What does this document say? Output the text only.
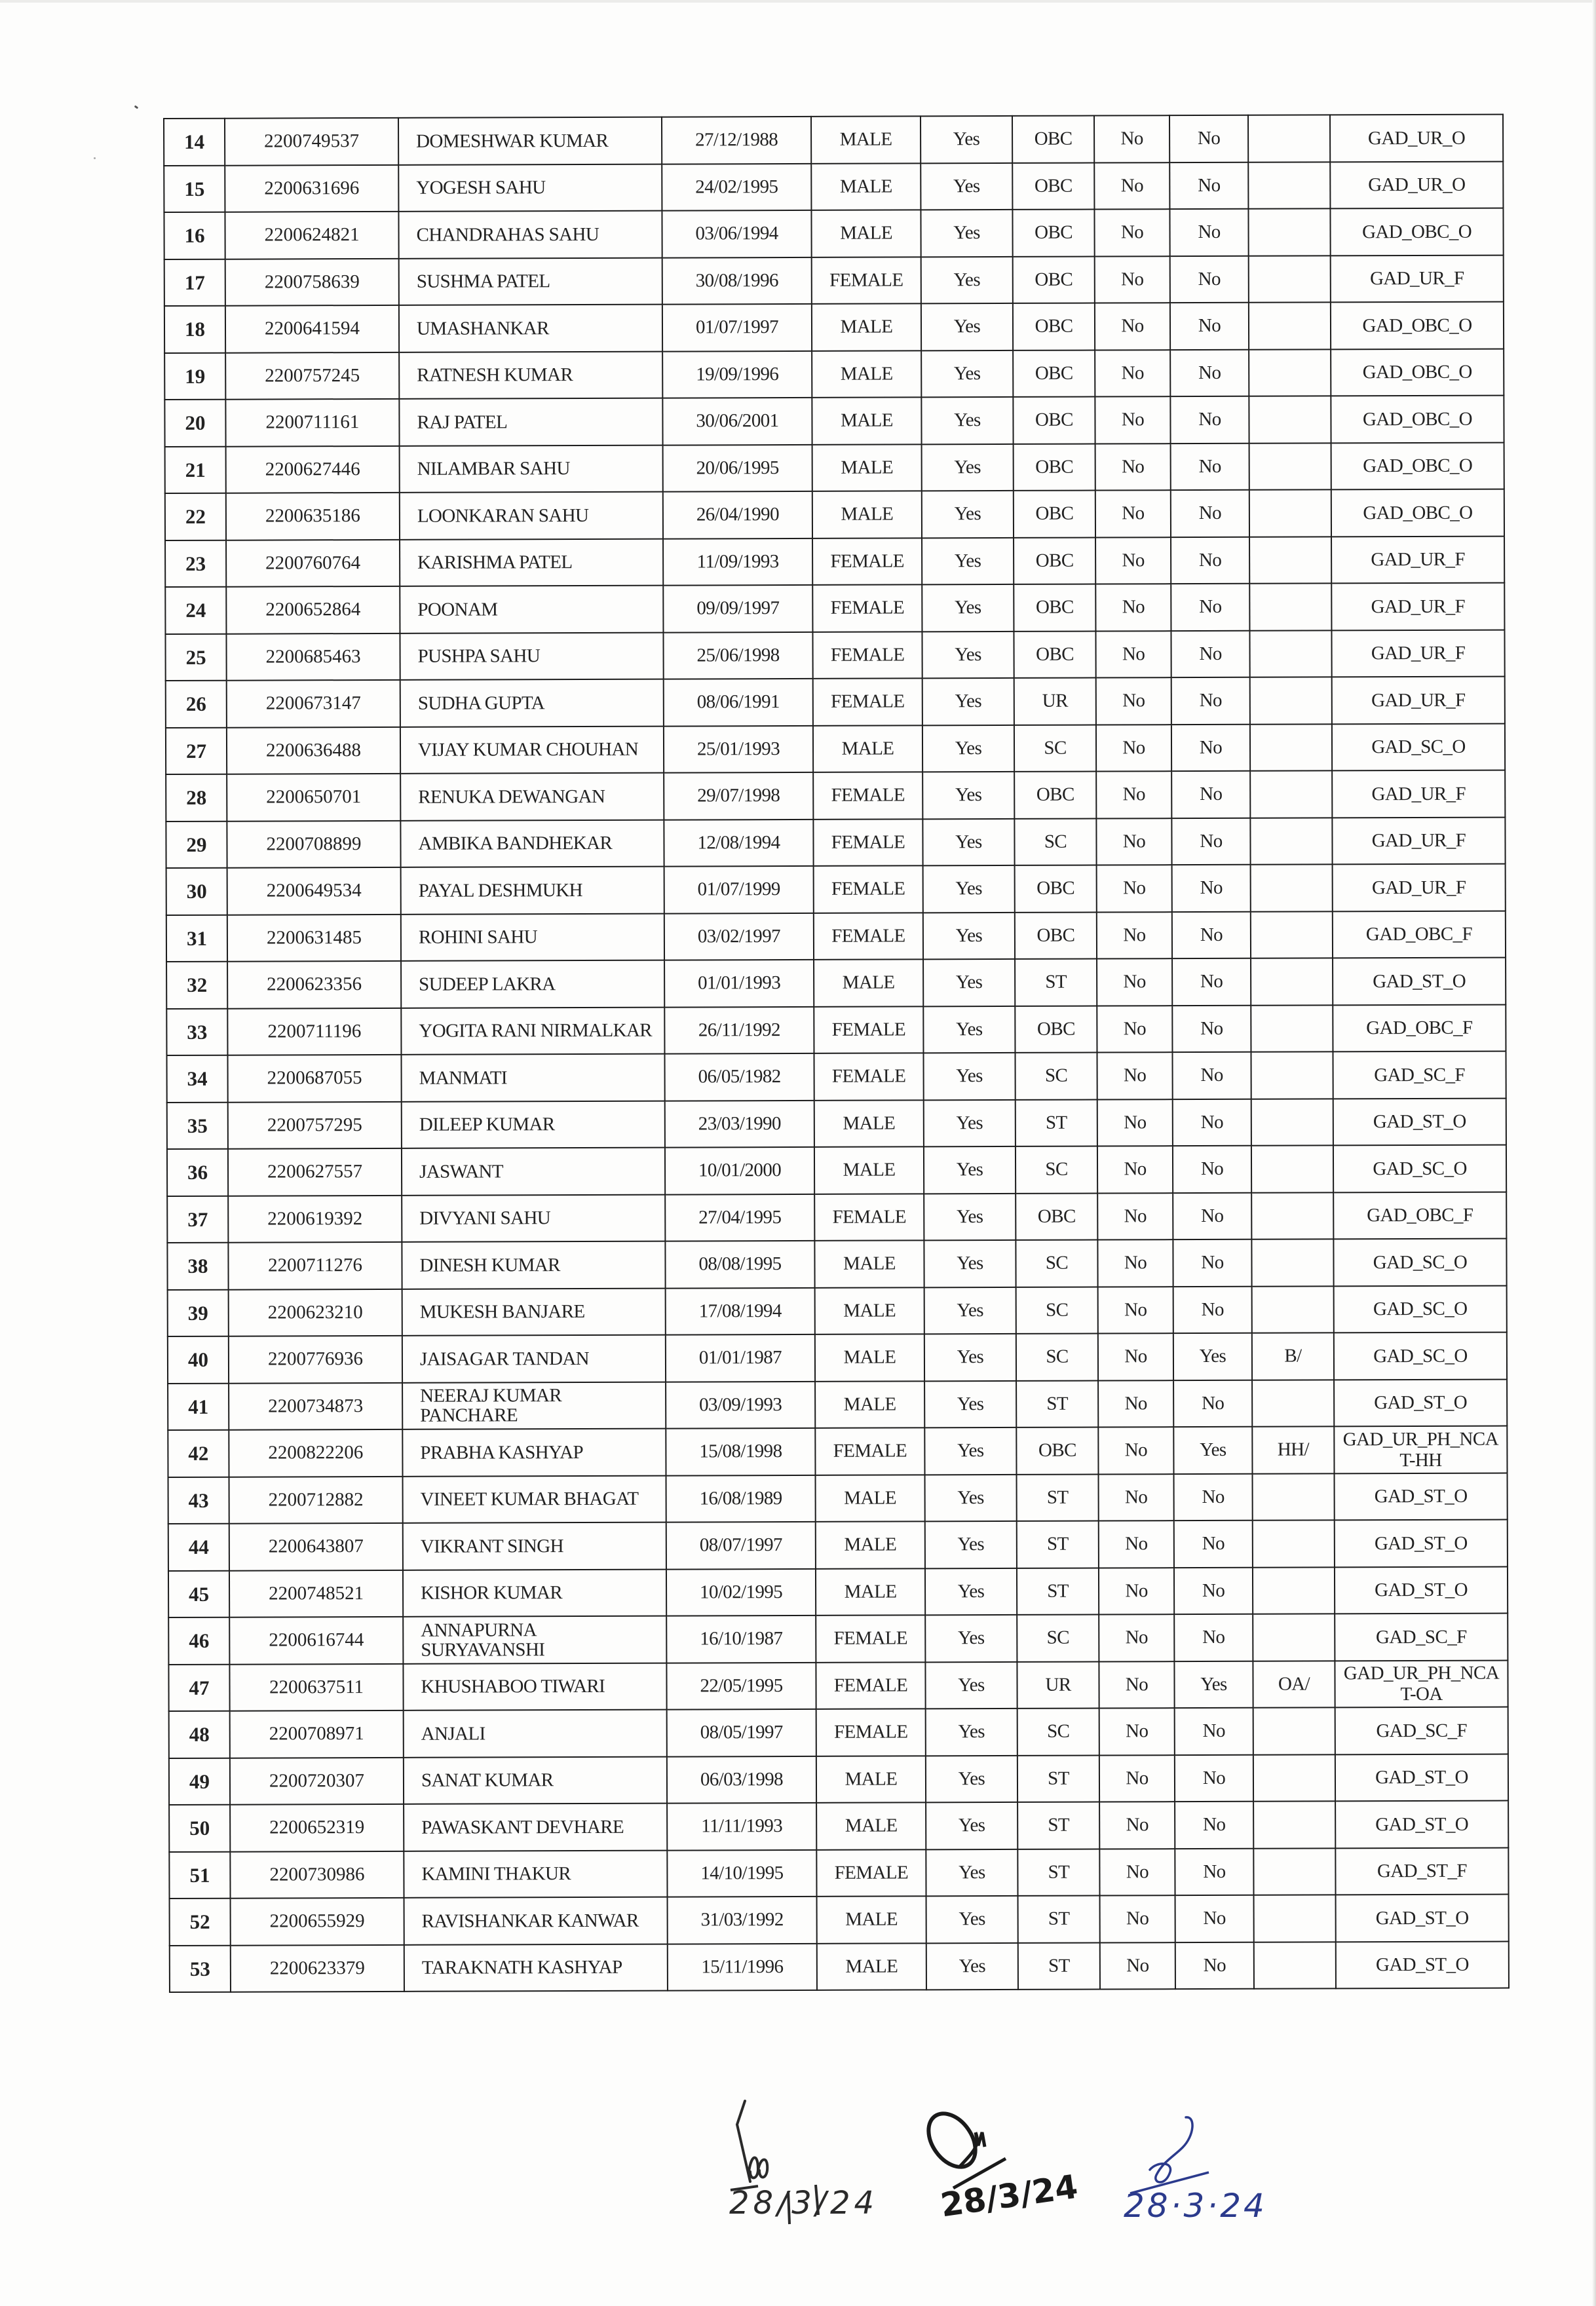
14	2200749537	DOMESHWAR KUMAR	27/12/1988	MALE	Yes	OBC	No	No		GAD_UR_O
15	2200631696	YOGESH SAHU	24/02/1995	MALE	Yes	OBC	No	No		GAD_UR_O
16	2200624821	CHANDRAHAS SAHU	03/06/1994	MALE	Yes	OBC	No	No		GAD_OBC_O
17	2200758639	SUSHMA PATEL	30/08/1996	FEMALE	Yes	OBC	No	No		GAD_UR_F
18	2200641594	UMASHANKAR	01/07/1997	MALE	Yes	OBC	No	No		GAD_OBC_O
19	2200757245	RATNESH KUMAR	19/09/1996	MALE	Yes	OBC	No	No		GAD_OBC_O
20	2200711161	RAJ PATEL	30/06/2001	MALE	Yes	OBC	No	No		GAD_OBC_O
21	2200627446	NILAMBAR SAHU	20/06/1995	MALE	Yes	OBC	No	No		GAD_OBC_O
22	2200635186	LOONKARAN SAHU	26/04/1990	MALE	Yes	OBC	No	No		GAD_OBC_O
23	2200760764	KARISHMA PATEL	11/09/1993	FEMALE	Yes	OBC	No	No		GAD_UR_F
24	2200652864	POONAM	09/09/1997	FEMALE	Yes	OBC	No	No		GAD_UR_F
25	2200685463	PUSHPA SAHU	25/06/1998	FEMALE	Yes	OBC	No	No		GAD_UR_F
26	2200673147	SUDHA GUPTA	08/06/1991	FEMALE	Yes	UR	No	No		GAD_UR_F
27	2200636488	VIJAY KUMAR CHOUHAN	25/01/1993	MALE	Yes	SC	No	No		GAD_SC_O
28	2200650701	RENUKA DEWANGAN	29/07/1998	FEMALE	Yes	OBC	No	No		GAD_UR_F
29	2200708899	AMBIKA BANDHEKAR	12/08/1994	FEMALE	Yes	SC	No	No		GAD_UR_F
30	2200649534	PAYAL DESHMUKH	01/07/1999	FEMALE	Yes	OBC	No	No		GAD_UR_F
31	2200631485	ROHINI SAHU	03/02/1997	FEMALE	Yes	OBC	No	No		GAD_OBC_F
32	2200623356	SUDEEP LAKRA	01/01/1993	MALE	Yes	ST	No	No		GAD_ST_O
33	2200711196	YOGITA RANI NIRMALKAR	26/11/1992	FEMALE	Yes	OBC	No	No		GAD_OBC_F
34	2200687055	MANMATI	06/05/1982	FEMALE	Yes	SC	No	No		GAD_SC_F
35	2200757295	DILEEP KUMAR	23/03/1990	MALE	Yes	ST	No	No		GAD_ST_O
36	2200627557	JASWANT	10/01/2000	MALE	Yes	SC	No	No		GAD_SC_O
37	2200619392	DIVYANI SAHU	27/04/1995	FEMALE	Yes	OBC	No	No		GAD_OBC_F
38	2200711276	DINESH KUMAR	08/08/1995	MALE	Yes	SC	No	No		GAD_SC_O
39	2200623210	MUKESH BANJARE	17/08/1994	MALE	Yes	SC	No	No		GAD_SC_O
40	2200776936	JAISAGAR TANDAN	01/01/1987	MALE	Yes	SC	No	Yes	B/	GAD_SC_O
41	2200734873	NEERAJ KUMAR PANCHARE	03/09/1993	MALE	Yes	ST	No	No		GAD_ST_O
42	2200822206	PRABHA KASHYAP	15/08/1998	FEMALE	Yes	OBC	No	Yes	HH/	GAD_UR_PH_NCA T-HH
43	2200712882	VINEET KUMAR BHAGAT	16/08/1989	MALE	Yes	ST	No	No		GAD_ST_O
44	2200643807	VIKRANT SINGH	08/07/1997	MALE	Yes	ST	No	No		GAD_ST_O
45	2200748521	KISHOR KUMAR	10/02/1995	MALE	Yes	ST	No	No		GAD_ST_O
46	2200616744	ANNAPURNA SURYAVANSHI	16/10/1987	FEMALE	Yes	SC	No	No		GAD_SC_F
47	2200637511	KHUSHABOO TIWARI	22/05/1995	FEMALE	Yes	UR	No	Yes	OA/	GAD_UR_PH_NCA T-OA
48	2200708971	ANJALI	08/05/1997	FEMALE	Yes	SC	No	No		GAD_SC_F
49	2200720307	SANAT KUMAR	06/03/1998	MALE	Yes	ST	No	No		GAD_ST_O
50	2200652319	PAWASKANT DEVHARE	11/11/1993	MALE	Yes	ST	No	No		GAD_ST_O
51	2200730986	KAMINI THAKUR	14/10/1995	FEMALE	Yes	ST	No	No		GAD_ST_F
52	2200655929	RAVISHANKAR KANWAR	31/03/1992	MALE	Yes	ST	No	No		GAD_ST_O
53	2200623379	TARAKNATH KASHYAP	15/11/1996	MALE	Yes	ST	No	No		GAD_ST_O
28/3/24 28/3/24 28·3·24
